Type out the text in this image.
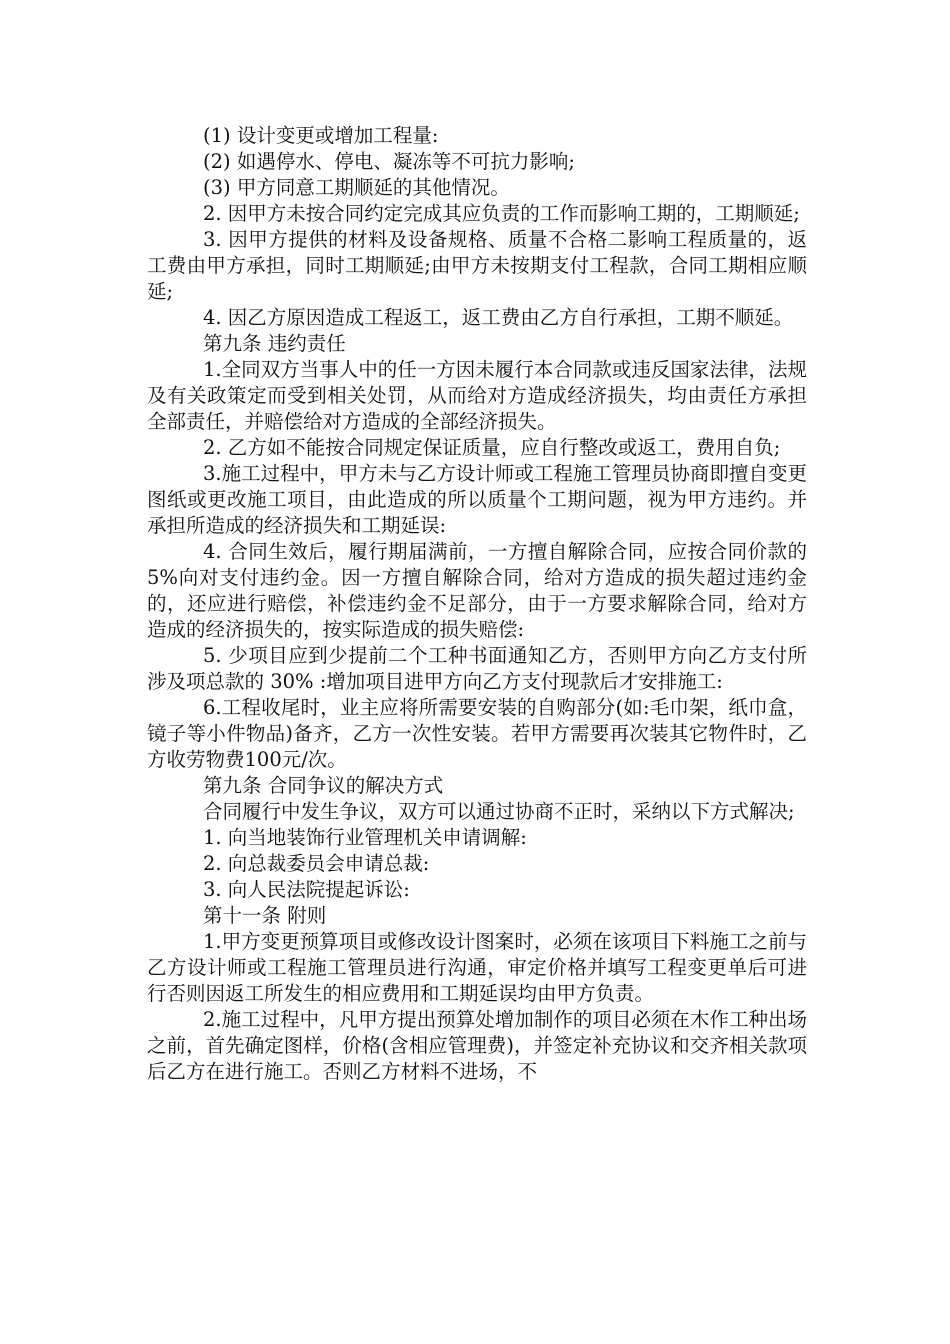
(1) 设计变更或增加工程量:

(2) 如遇停水、停电、凝冻等不可抗力影响;

(3) 甲方同意工期顺延的其他情况。

2. 因甲方未按合同约定完成其应负责的工作而影响工期的，工期顺延;

3. 因甲方提供的材料及设备规格、质量不合格二影响工程质量的，返工费由甲方承担，同时工期顺延;由甲方未按期支付工程款，合同工期相应顺延;

4. 因乙方原因造成工程返工，返工费由乙方自行承担，工期不顺延。

第九条 违约责任

1.全同双方当事人中的任一方因未履行本合同款或违反国家法律，法规及有关政策定而受到相关处罚，从而给对方造成经济损失，均由责任方承担全部责任，并赔偿给对方造成的全部经济损失。

2. 乙方如不能按合同规定保证质量，应自行整改或返工，费用自负;

3.施工过程中，甲方未与乙方设计师或工程施工管理员协商即擅自变更图纸或更改施工项目，由此造成的所以质量个工期问题，视为甲方违约。并承担所造成的经济损失和工期延误:

4. 合同生效后，履行期届满前，一方擅自解除合同，应按合同价款的 5%向对支付违约金。因一方擅自解除合同，给对方造成的损失超过违约金的，还应进行赔偿，补偿违约金不足部分，由于一方要求解除合同，给对方造成的经济损失的，按实际造成的损失赔偿:

5. 少项目应到少提前二个工种书面通知乙方，否则甲方向乙方支付所涉及项总款的 30% :增加项目进甲方向乙方支付现款后才安排施工:

6.工程收尾时，业主应将所需要安装的自购部分(如:毛巾架，纸巾盒，镜子等小件物品)备齐，乙方一次性安装。若甲方需要再次装其它物件时，乙方收劳物费100元/次。

第九条 合同争议的解决方式

合同履行中发生争议，双方可以通过协商不正时，采纳以下方式解决;

1. 向当地装饰行业管理机关申请调解:

2. 向总裁委员会申请总裁:

3. 向人民法院提起诉讼:

第十一条 附则

1.甲方变更预算项目或修改设计图案时，必须在该项目下料施工之前与乙方设计师或工程施工管理员进行沟通，审定价格并填写工程变更单后可进行否则因返工所发生的相应费用和工期延误均由甲方负责。

2.施工过程中，凡甲方提出预算处增加制作的项目必须在木作工种出场之前，首先确定图样，价格(含相应管理费)，并签定补充协议和交齐相关款项后乙方在进行施工。否则乙方材料不进场，不
